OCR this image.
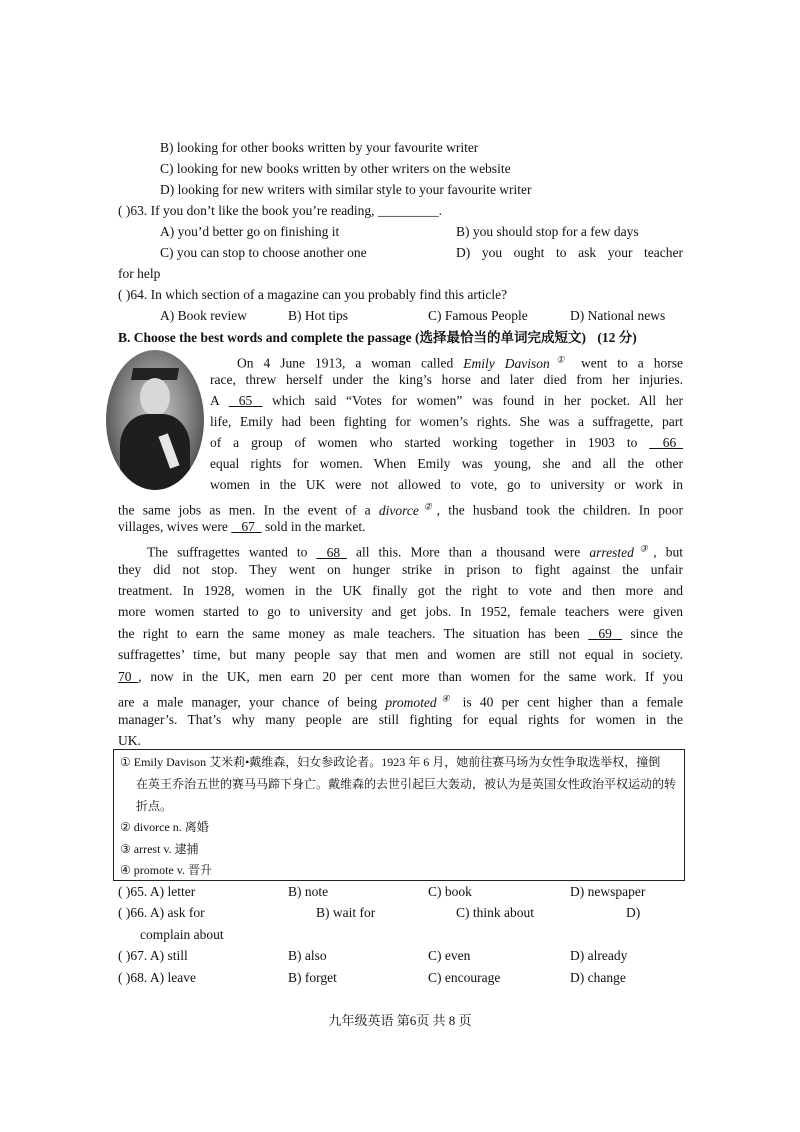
B) looking for other books written by your favourite writer
C) looking for new books written by other writers on the website
D) looking for new writers with similar style to your favourite writer
( )63. If you don’t like the book you’re reading, _________.
A) you’d better go on finishing it	B) you should stop for a few days
C) you can stop to choose another one	D) you ought to ask your teacher
for help
( )64. In which section of a magazine can you probably find this article?
A) Book review	B) Hot tips	C) Famous People	D) National news
B. Choose the best words and complete the passage (选择最恰当的单词完成短文) (12 分)
On 4 June 1913, a woman called Emily Davison① went to a horse
race, threw herself under the king’s horse and later died from her injuries.
A 65 which said “Votes for women” was found in her pocket. All her
life, Emily had been fighting for women’s rights. She was a suffragette, part
of a group of women who started working together in 1903 to 66
equal rights for women. When Emily was young, she and all the other
women in the UK were not allowed to vote, go to university or work in
the same jobs as men. In the event of a divorce②, the husband took the children. In poor
villages, wives were 67 sold in the market.
The suffragettes wanted to 68 all this. More than a thousand were arrested③, but
they did not stop. They went on hunger strike in prison to fight against the unfair
treatment. In 1928, women in the UK finally got the right to vote and then more and
more women started to go to university and get jobs. In 1952, female teachers were given
the right to earn the same money as male teachers. The situation has been 69 since the
suffragettes’ time, but many people say that men and women are still not equal in society.
70 , now in the UK, men earn 20 per cent more than women for the same work. If you
are a male manager, your chance of being promoted④ is 40 per cent higher than a female
manager’s. That’s why many people are still fighting for equal rights for women in the
UK.
① Emily Davison 艾米莉•戴维森，妇女参政论者。1923 年 6 月，她前往赛马场为女性争取选举权，撞倒
在英王乔治五世的赛马马蹄下身亡。戴维森的去世引起巨大轰动，被认为是英国女性政治平权运动的转
折点。
② divorce n. 离婚
③ arrest v. 逮捕
④ promote v. 晋升
( )65. A) letter	B) note	C) book	D) newspaper
( )66. A) ask for	B) wait for	C) think about	D)
complain about
( )67. A) still	B) also	C) even	D) already
( )68. A) leave	B) forget	C) encourage	D) change
九年级英语 第6页 共 8 页
